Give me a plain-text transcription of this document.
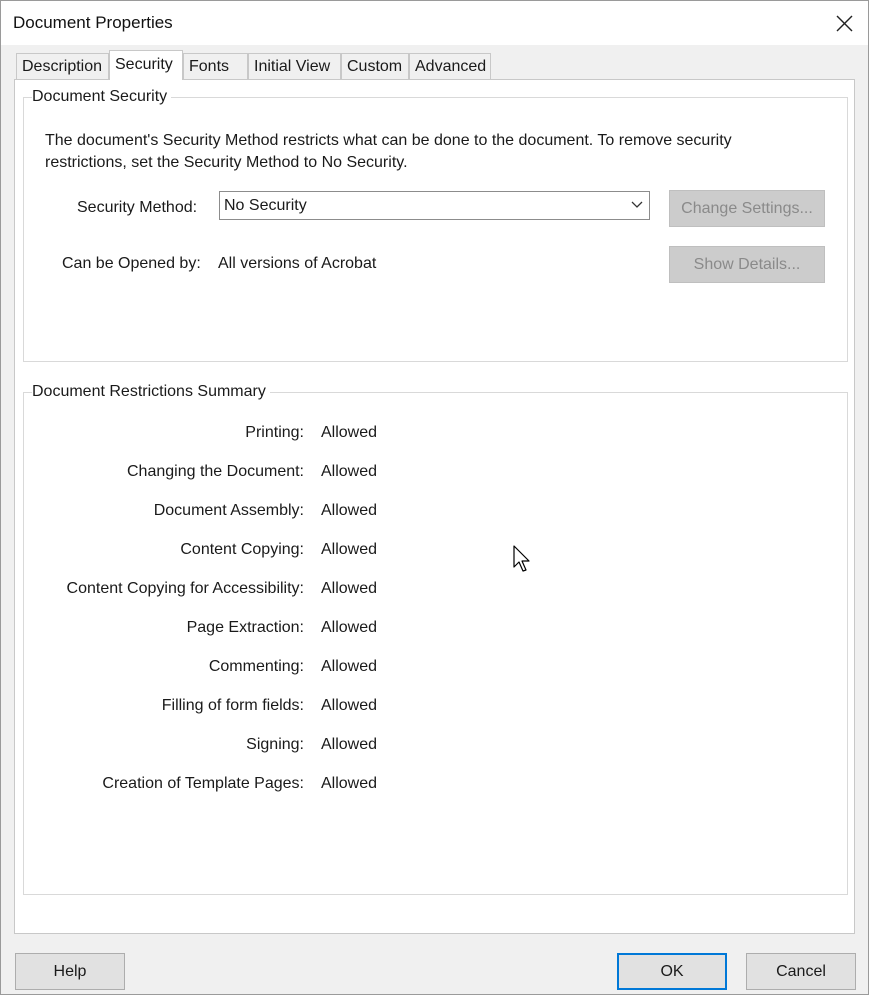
Document Properties
Description Security	Fonts	Initial View	Custom Advanced
Document Security
The document's Security Method restricts what can be done to the document. To remove security restrictions, set the Security Method to No Security.
Security Method: No Security	Change Settings...
Can be Opened by: All versions of Acrobat	Show Details...
Document Restrictions Summary
Printing: Allowed
Changing the Document: Allowed
Document Assembly: Allowed
Content Copying: Allowed
Content Copying for Accessibility: Allowed
Page Extraction: Allowed
Commenting: Allowed
Filling of form fields: Allowed
Signing: Allowed
Creation of Template Pages: Allowed
Help	OK	Cancel
